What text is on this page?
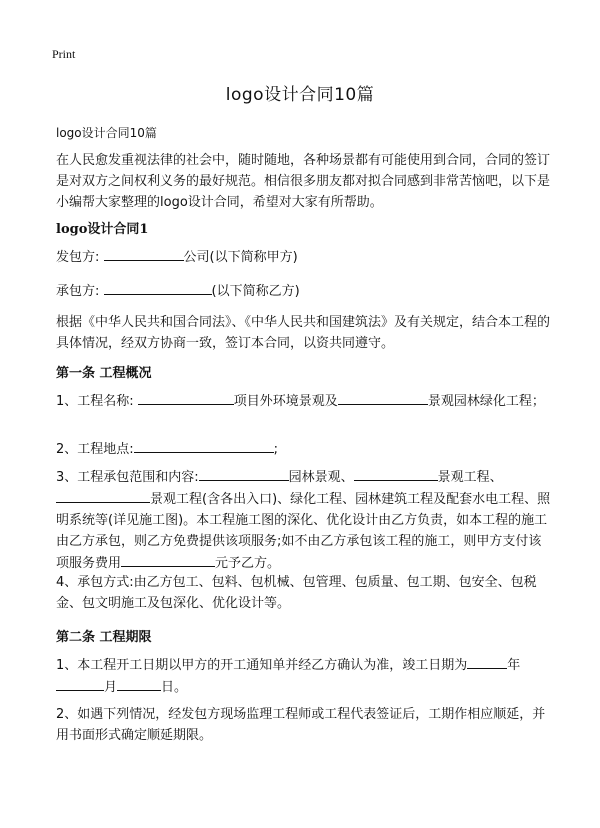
Print
logo设计合同10篇
logo设计合同10篇

在人民愈发重视法律的社会中，随时随地，各种场景都有可能使用到合同，合同的签订是对双方之间权利义务的最好规范。相信很多朋友都对拟合同感到非常苦恼吧，以下是小编帮大家整理的logo设计合同，希望对大家有所帮助。

logo设计合同1

发包方:	公司(以下简称甲方)

承包方:	(以下简称乙方)

根据《中华人民共和国合同法》、《中华人民共和国建筑法》及有关规定，结合本工程的具体情况，经双方协商一致，签订本合同，以资共同遵守。

第一条 工程概况

1、工程名称:	项目外环境景观及	景观园林绿化工程；

2、工程地点:	;

3、工程承包范围和内容:	园林景观、	景观工程、景观工程(含各出入口)、绿化工程、园林建筑工程及配套水电工程、照明系统等(详见施工图)。本工程施工图的深化、优化设计由乙方负责，如本工程的施工由乙方承包，则乙方免费提供该项服务;如不由乙方承包该工程的施工，则甲方支付该项服务费用	元予乙方。

4、承包方式:由乙方包工、包料、包机械、包管理、包质量、包工期、包安全、包税金、包文明施工及包深化、优化设计等。

第二条 工程期限

1、本工程开工日期以甲方的开工通知单并经乙方确认为准，竣工日期为	年月	日。

2、如遇下列情况，经发包方现场监理工程师或工程代表签证后，工期作相应顺延，并用书面形式确定顺延期限。
